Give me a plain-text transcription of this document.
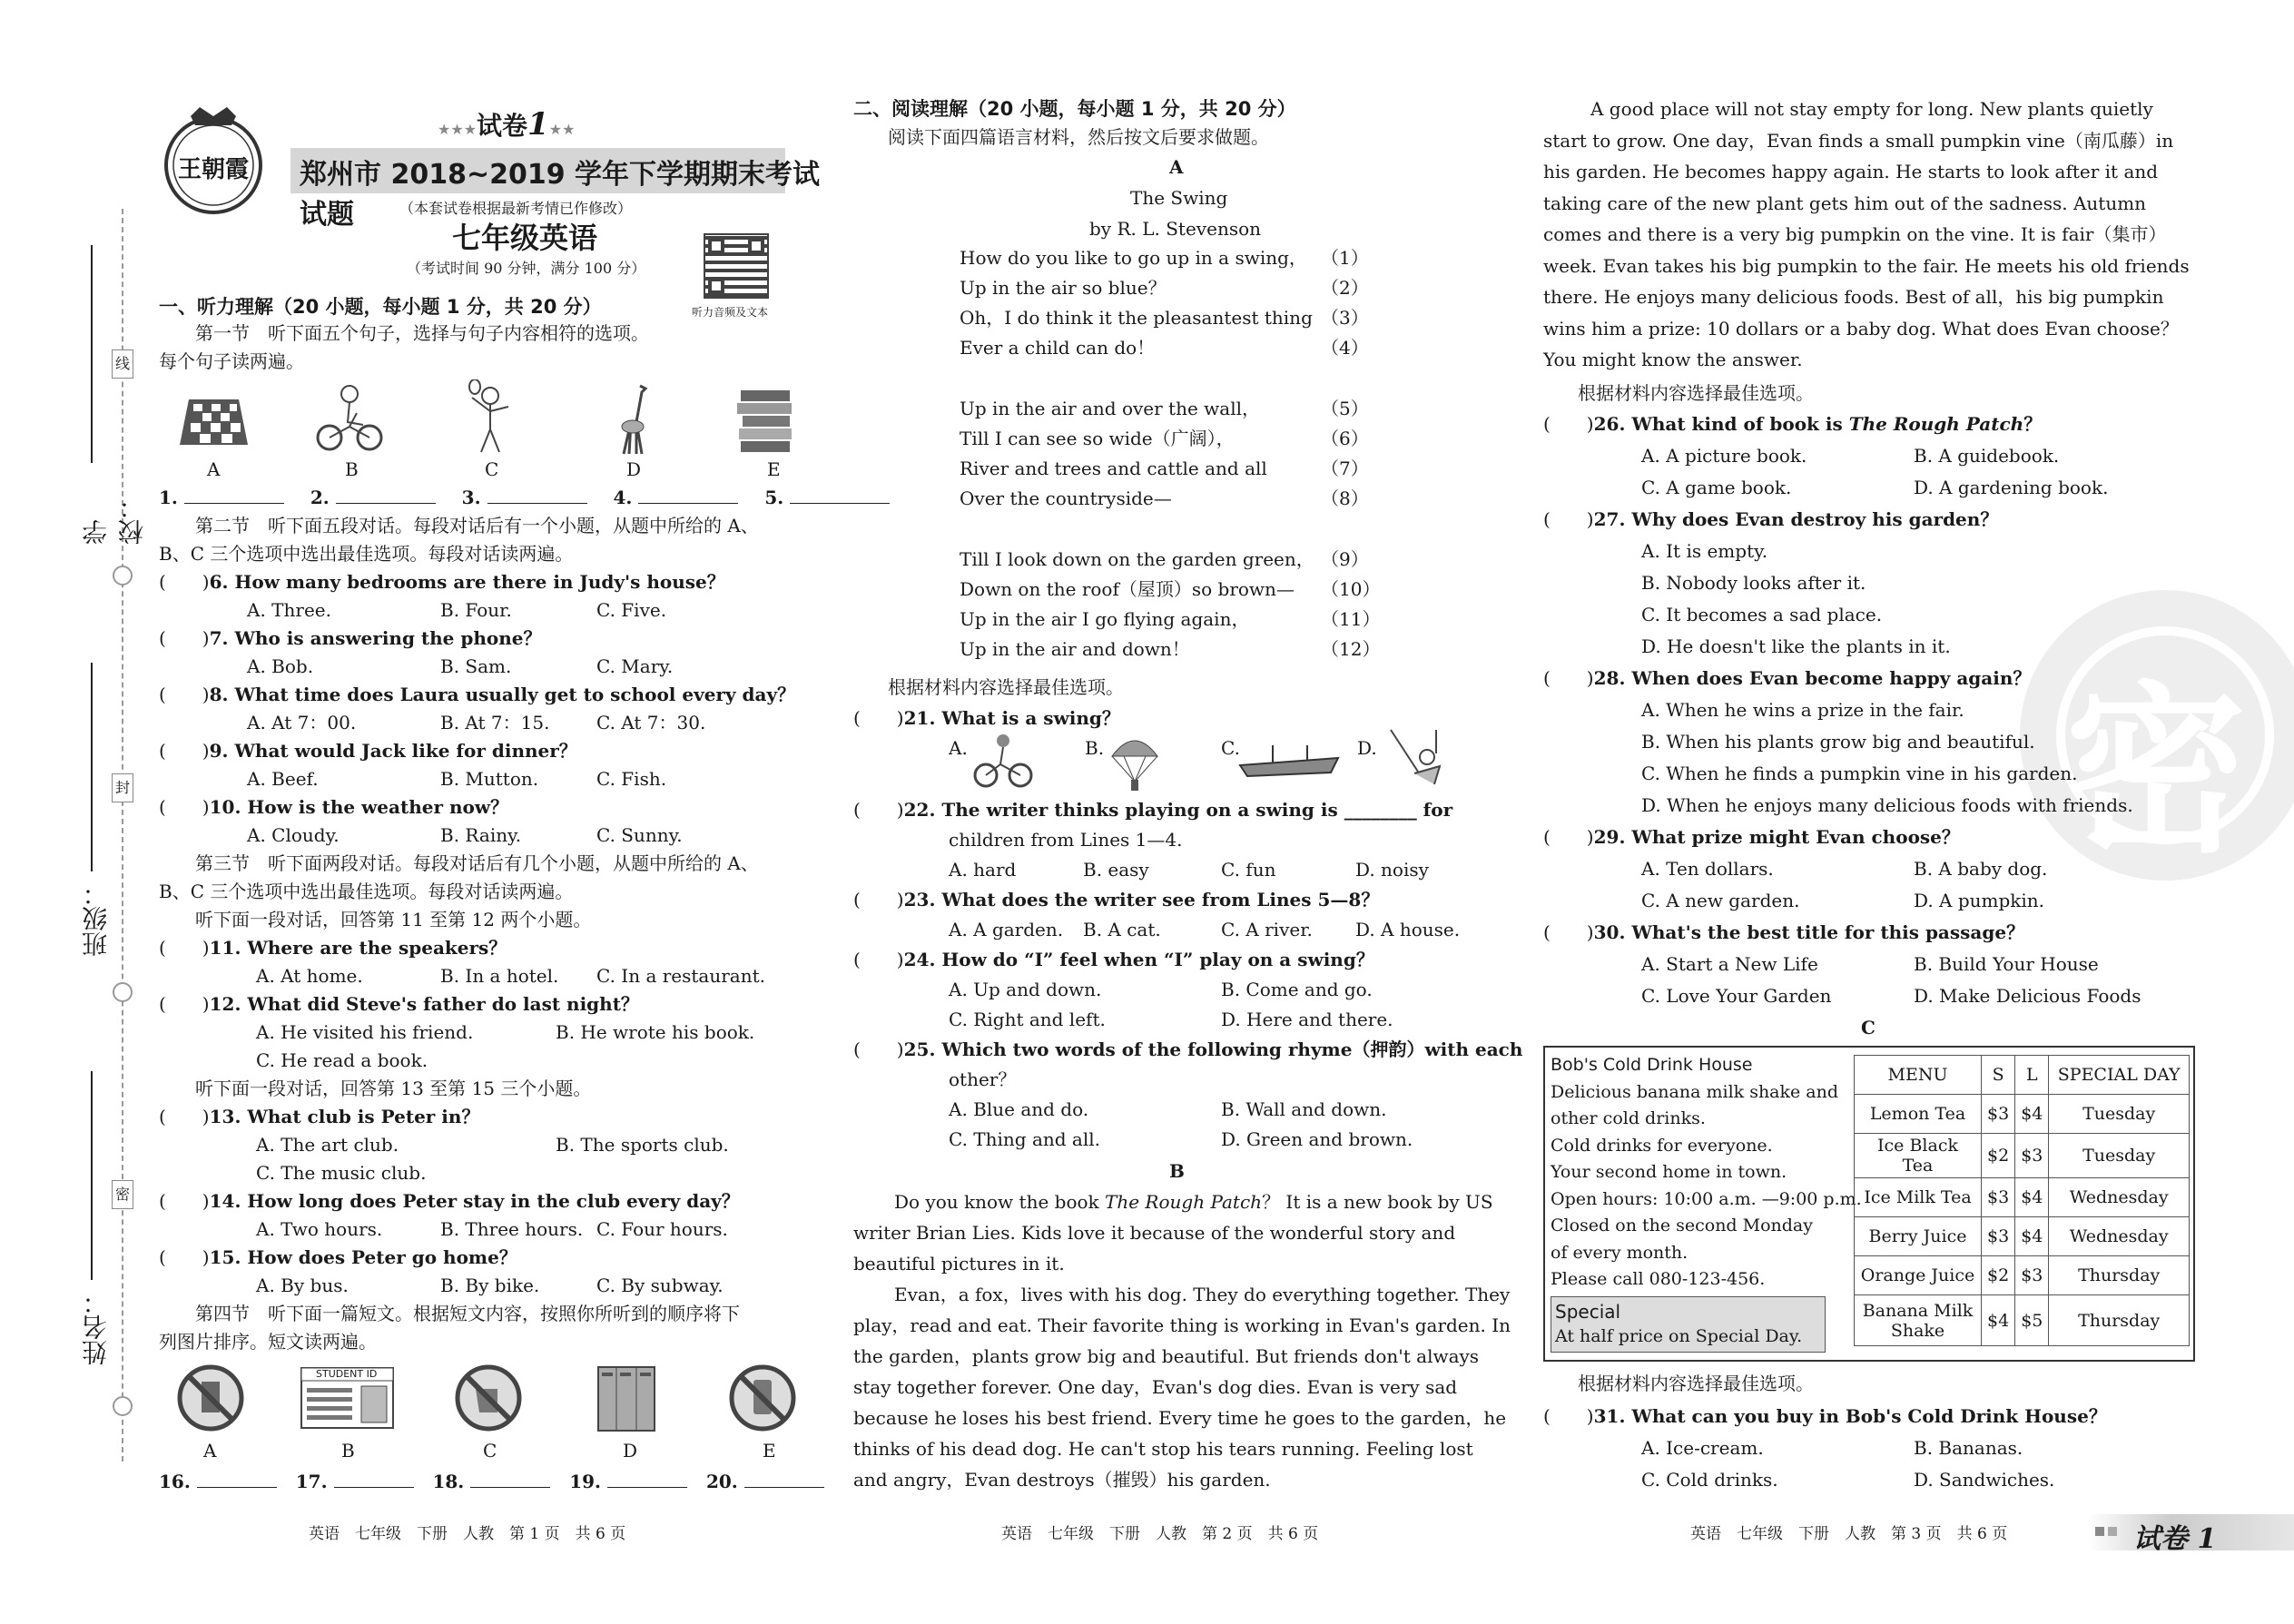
线
封
密
学校：
班级：
姓名：
王朝霞
★★★试卷1★★
郑州市 2018~2019 学年下学期期末考试试题	（本套试卷根据最新考情已作修改）
七年级英语
（考试时间 90 分钟，满分 100 分）
听力音频及文本
一、听力理解（20 小题，每小题 1 分，共 20 分）
第一节　听下面五个句子，选择与句子内容相符的选项。
每个句子读两遍。
A	B	C	D	E
1.	2.	3.	4.	5.
第二节　听下面五段对话。每段对话后有一个小题，从题中所给的 A、
B、C 三个选项中选出最佳选项。每段对话读两遍。
(　　)6. How many bedrooms are there in Judy's house？
A. Three.	B. Four.	C. Five.
(　　)7. Who is answering the phone？
A. Bob.	B. Sam.	C. Mary.
(　　)8. What time does Laura usually get to school every day？
A. At 7：00.	B. At 7：15.	C. At 7：30.
(　　)9. What would Jack like for dinner？
A. Beef.	B. Mutton.	C. Fish.
(　　)10. How is the weather now？
A. Cloudy.	B. Rainy.	C. Sunny.
第三节　听下面两段对话。每段对话后有几个小题，从题中所给的 A、
B、C 三个选项中选出最佳选项。每段对话读两遍。
听下面一段对话，回答第 11 至第 12 两个小题。
(　　)11. Where are the speakers？
A. At home.	B. In a hotel. C. In a restaurant.
(　　)12. What did Steve's father do last night？
A. He visited his friend.	B. He wrote his book.
C. He read a book.
听下面一段对话，回答第 13 至第 15 三个小题。
(　　)13. What club is Peter in？
A. The art club.	B. The sports club.
C. The music club.
(　　)14. How long does Peter stay in the club every day？
A. Two hours.	B. Three hours. C. Four hours.
(　　)15. How does Peter go home？
A. By bus.	B. By bike.	C. By subway.
第四节　听下面一篇短文。根据短文内容，按照你所听到的顺序将下
列图片排序。短文读两遍。
STUDENT ID
A	B	C	D	E
16.	17.	18.	19.	20.
二、阅读理解（20 小题，每小题 1 分，共 20 分）
阅读下面四篇语言材料，然后按文后要求做题。
A
The Swing
by R. L. Stevenson
How do you like to go up in a swing， （1）
Up in the air so blue？	（2）
Oh，I do think it the pleasantest thing （3）
Ever a child can do！	（4）
Up in the air and over the wall，	（5）
Till I can see so wide（广阔），	（6）
River and trees and cattle and all	（7）
Over the countryside—	（8）
Till I look down on the garden green， （9）
Down on the roof（屋顶）so brown— （10）
Up in the air I go flying again，	（11）
Up in the air and down！	（12）
根据材料内容选择最佳选项。
(　　)21. What is a swing？
A.	B.	C.	D.
(　　)22. The writer thinks playing on a swing is ________ for
children from Lines 1—4.
A. hard	B. easy	C. fun	D. noisy
(　　)23. What does the writer see from Lines 5—8？
A. A garden. B. A cat.	C. A river. D. A house.
(　　)24. How do “I” feel when “I” play on a swing？
A. Up and down.	B. Come and go.
C. Right and left.	D. Here and there.
(　　)25. Which two words of the following rhyme（押韵）with each
other？
A. Blue and do.	B. Wall and down.
C. Thing and all.	D. Green and brown.
B
Do you know the book The Rough Patch？ It is a new book by US
writer Brian Lies. Kids love it because of the wonderful story and
beautiful pictures in it.
Evan，a fox，lives with his dog. They do everything together. They
play，read and eat. Their favorite thing is working in Evan's garden. In
the garden，plants grow big and beautiful. But friends don't always
stay together forever. One day，Evan's dog dies. Evan is very sad
because he loses his best friend. Every time he goes to the garden，he
thinks of his dead dog. He can't stop his tears running. Feeling lost
and angry，Evan destroys（摧毁）his garden.
密
A good place will not stay empty for long. New plants quietly
start to grow. One day，Evan finds a small pumpkin vine（南瓜藤）in
his garden. He becomes happy again. He starts to look after it and
taking care of the new plant gets him out of the sadness. Autumn
comes and there is a very big pumpkin on the vine. It is fair（集市）
week. Evan takes his big pumpkin to the fair. He meets his old friends
there. He enjoys many delicious foods. Best of all，his big pumpkin
wins him a prize: 10 dollars or a baby dog. What does Evan choose？
You might know the answer.
根据材料内容选择最佳选项。
(　　)26. What kind of book is The Rough Patch？
A. A picture book.	B. A guidebook.
C. A game book.	D. A gardening book.
(　　)27. Why does Evan destroy his garden？
A. It is empty.
B. Nobody looks after it.
C. It becomes a sad place.
D. He doesn't like the plants in it.
(　　)28. When does Evan become happy again？
A. When he wins a prize in the fair.
B. When his plants grow big and beautiful.
C. When he finds a pumpkin vine in his garden.
D. When he enjoys many delicious foods with friends.
(　　)29. What prize might Evan choose？
A. Ten dollars.	B. A baby dog.
C. A new garden.	D. A pumpkin.
(　　)30. What's the best title for this passage？
A. Start a New Life	B. Build Your House
C. Love Your Garden	D. Make Delicious Foods
C
Bob's Cold Drink House
Delicious banana milk shake and
other cold drinks.
Cold drinks for everyone.
Your second home in town.
Open hours: 10:00 a.m. —9:00 p.m.
Closed on the second Monday
of every month.
Please call 080-123-456.
Special
At half price on Special Day.
MENU	S	L	SPECIAL DAY
Lemon Tea	$3	$4	Tuesday
Ice Black Tea	$2	$3	Tuesday
Ice Milk Tea	$3	$4	Wednesday
Berry Juice	$3	$4	Wednesday
Orange Juice	$2	$3	Thursday
Banana Milk Shake	$4	$5	Thursday
根据材料内容选择最佳选项。
(　　)31. What can you buy in Bob's Cold Drink House？
A. Ice-cream.	B. Bananas.
C. Cold drinks.	D. Sandwiches.
英语　七年级　下册　人教　第 1 页　共 6 页	英语　七年级　下册　人教　第 2 页　共 6 页	英语　七年级　下册　人教　第 3 页　共 6 页	试卷 1
